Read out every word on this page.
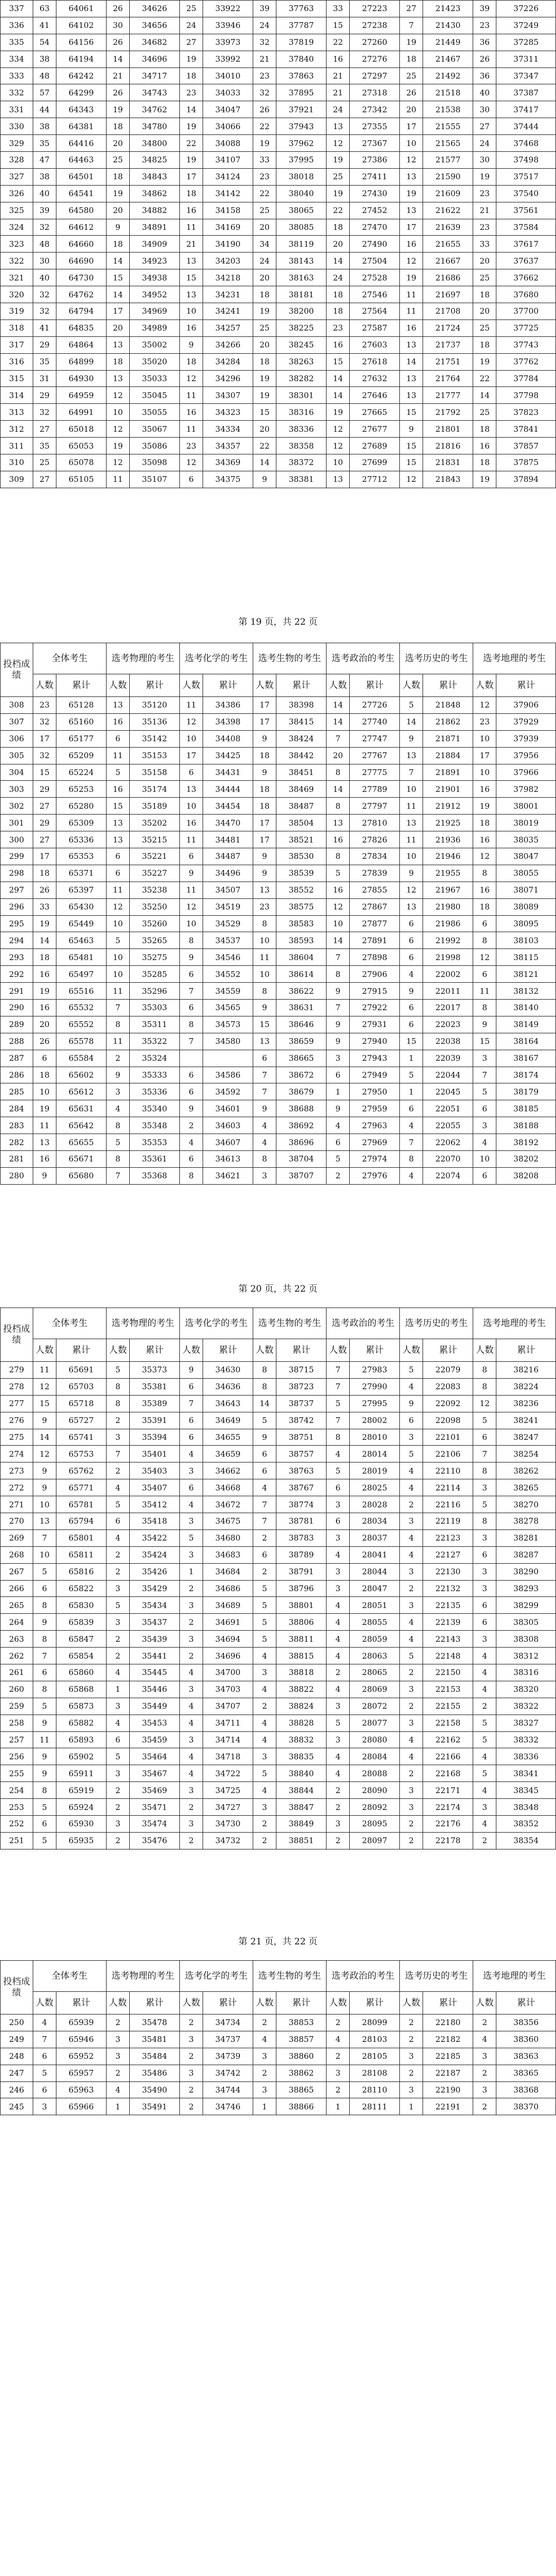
337	63	64061	26	34626	25	33922	39	37763	33	27223	27	21423	39	37226
336	41	64102	30	34656	24	33946	24	37787	15	27238	7	21430	23	37249
335	54	64156	26	34682	27	33973	32	37819	22	27260	19	21449	36	37285
334	38	64194	14	34696	19	33992	21	37840	16	27276	18	21467	26	37311
333	48	64242	21	34717	18	34010	23	37863	21	27297	25	21492	36	37347
332	57	64299	26	34743	23	34033	32	37895	21	27318	26	21518	40	37387
331	44	64343	19	34762	14	34047	26	37921	24	27342	20	21538	30	37417
330	38	64381	18	34780	19	34066	22	37943	13	27355	17	21555	27	37444
329	35	64416	20	34800	22	34088	19	37962	12	27367	10	21565	24	37468
328	47	64463	25	34825	19	34107	33	37995	19	27386	12	21577	30	37498
327	38	64501	18	34843	17	34124	23	38018	25	27411	13	21590	19	37517
326	40	64541	19	34862	18	34142	22	38040	19	27430	19	21609	23	37540
325	39	64580	20	34882	16	34158	25	38065	22	27452	13	21622	21	37561
324	32	64612	9	34891	11	34169	20	38085	18	27470	17	21639	23	37584
323	48	64660	18	34909	21	34190	34	38119	20	27490	16	21655	33	37617
322	30	64690	14	34923	13	34203	24	38143	14	27504	12	21667	20	37637
321	40	64730	15	34938	15	34218	20	38163	24	27528	19	21686	25	37662
320	32	64762	14	34952	13	34231	18	38181	18	27546	11	21697	18	37680
319	32	64794	17	34969	10	34241	19	38200	18	27564	11	21708	20	37700
318	41	64835	20	34989	16	34257	25	38225	23	27587	16	21724	25	37725
317	29	64864	13	35002	9	34266	20	38245	16	27603	13	21737	18	37743
316	35	64899	18	35020	18	34284	18	38263	15	27618	14	21751	19	37762
315	31	64930	13	35033	12	34296	19	38282	14	27632	13	21764	22	37784
314	29	64959	12	35045	11	34307	19	38301	14	27646	13	21777	14	37798
313	32	64991	10	35055	16	34323	15	38316	19	27665	15	21792	25	37823
312	27	65018	12	35067	11	34334	20	38336	12	27677	9	21801	18	37841
311	35	65053	19	35086	23	34357	22	38358	12	27689	15	21816	16	37857
310	25	65078	12	35098	12	34369	14	38372	10	27699	15	21831	18	37875
309	27	65105	11	35107	6	34375	9	38381	13	27712	12	21843	19	37894
第 19 页，共 22 页
投档成绩	全体考生		选考物理的考生		选考化学的考生		选考生物的考生		选考政治的考生		选考历史的考生		选考地理的考生	
	人数	累计	人数	累计	人数	累计	人数	累计	人数	累计	人数	累计	人数	累计
308	23	65128	13	35120	11	34386	17	38398	14	27726	5	21848	12	37906
307	32	65160	16	35136	12	34398	17	38415	14	27740	14	21862	23	37929
306	17	65177	6	35142	10	34408	9	38424	7	27747	9	21871	10	37939
305	32	65209	11	35153	17	34425	18	38442	20	27767	13	21884	17	37956
304	15	65224	5	35158	6	34431	9	38451	8	27775	7	21891	10	37966
303	29	65253	16	35174	13	34444	18	38469	14	27789	10	21901	16	37982
302	27	65280	15	35189	10	34454	18	38487	8	27797	11	21912	19	38001
301	29	65309	13	35202	16	34470	17	38504	13	27810	13	21925	18	38019
300	27	65336	13	35215	11	34481	17	38521	16	27826	11	21936	16	38035
299	17	65353	6	35221	6	34487	9	38530	8	27834	10	21946	12	38047
298	18	65371	6	35227	9	34496	9	38539	5	27839	9	21955	8	38055
297	26	65397	11	35238	11	34507	13	38552	16	27855	12	21967	16	38071
296	33	65430	12	35250	12	34519	23	38575	12	27867	13	21980	18	38089
295	19	65449	10	35260	10	34529	8	38583	10	27877	6	21986	6	38095
294	14	65463	5	35265	8	34537	10	38593	14	27891	6	21992	8	38103
293	18	65481	10	35275	9	34546	11	38604	7	27898	6	21998	12	38115
292	16	65497	10	35285	6	34552	10	38614	8	27906	4	22002	6	38121
291	19	65516	11	35296	7	34559	8	38622	9	27915	9	22011	11	38132
290	16	65532	7	35303	6	34565	9	38631	7	27922	6	22017	8	38140
289	20	65552	8	35311	8	34573	15	38646	9	27931	6	22023	9	38149
288	26	65578	11	35322	7	34580	13	38659	9	27940	15	22038	15	38164
287	6	65584	2	35324			6	38665	3	27943	1	22039	3	38167
286	18	65602	9	35333	6	34586	7	38672	6	27949	5	22044	7	38174
285	10	65612	3	35336	6	34592	7	38679	1	27950	1	22045	5	38179
284	19	65631	4	35340	9	34601	9	38688	9	27959	6	22051	6	38185
283	11	65642	8	35348	2	34603	4	38692	4	27963	4	22055	3	38188
282	13	65655	5	35353	4	34607	4	38696	6	27969	7	22062	4	38192
281	16	65671	8	35361	6	34613	8	38704	5	27974	8	22070	10	38202
280	9	65680	7	35368	8	34621	3	38707	2	27976	4	22074	6	38208
第 20 页，共 22 页
投档成绩	全体考生		选考物理的考生		选考化学的考生		选考生物的考生		选考政治的考生		选考历史的考生		选考地理的考生	
	人数	累计	人数	累计	人数	累计	人数	累计	人数	累计	人数	累计	人数	累计
279	11	65691	5	35373	9	34630	8	38715	7	27983	5	22079	8	38216
278	12	65703	8	35381	6	34636	8	38723	7	27990	4	22083	8	38224
277	15	65718	8	35389	7	34643	14	38737	5	27995	9	22092	12	38236
276	9	65727	2	35391	6	34649	5	38742	7	28002	6	22098	5	38241
275	14	65741	3	35394	6	34655	9	38751	8	28010	3	22101	6	38247
274	12	65753	7	35401	4	34659	6	38757	4	28014	5	22106	7	38254
273	9	65762	2	35403	3	34662	6	38763	5	28019	4	22110	8	38262
272	9	65771	4	35407	6	34668	4	38767	6	28025	4	22114	3	38265
271	10	65781	5	35412	4	34672	7	38774	3	28028	2	22116	5	38270
270	13	65794	6	35418	3	34675	7	38781	6	28034	3	22119	8	38278
269	7	65801	4	35422	5	34680	2	38783	3	28037	4	22123	3	38281
268	10	65811	2	35424	3	34683	6	38789	4	28041	4	22127	6	38287
267	5	65816	2	35426	1	34684	2	38791	3	28044	3	22130	3	38290
266	6	65822	3	35429	2	34686	5	38796	3	28047	2	22132	3	38293
265	8	65830	5	35434	3	34689	5	38801	4	28051	3	22135	6	38299
264	9	65839	3	35437	2	34691	5	38806	4	28055	4	22139	6	38305
263	8	65847	2	35439	3	34694	5	38811	4	28059	4	22143	3	38308
262	7	65854	2	35441	2	34696	4	38815	4	28063	5	22148	4	38312
261	6	65860	4	35445	4	34700	3	38818	2	28065	2	22150	4	38316
260	8	65868	1	35446	3	34703	4	38822	4	28069	3	22153	4	38320
259	5	65873	3	35449	4	34707	2	38824	3	28072	2	22155	2	38322
258	9	65882	4	35453	4	34711	4	38828	5	28077	3	22158	5	38327
257	11	65893	6	35459	3	34714	4	38832	3	28080	4	22162	5	38332
256	9	65902	5	35464	4	34718	3	38835	4	28084	4	22166	4	38336
255	9	65911	3	35467	4	34722	5	38840	4	28088	2	22168	5	38341
254	8	65919	2	35469	3	34725	4	38844	2	28090	3	22171	4	38345
253	5	65924	2	35471	2	34727	3	38847	2	28092	3	22174	3	38348
252	6	65930	3	35474	3	34730	2	38849	3	28095	2	22176	4	38352
251	5	65935	2	35476	2	34732	2	38851	2	28097	2	22178	2	38354
第 21 页，共 22 页
投档成绩	全体考生		选考物理的考生		选考化学的考生		选考生物的考生		选考政治的考生		选考历史的考生		选考地理的考生	
	人数	累计	人数	累计	人数	累计	人数	累计	人数	累计	人数	累计	人数	累计
250	4	65939	2	35478	2	34734	2	38853	2	28099	2	22180	2	38356
249	7	65946	3	35481	3	34737	4	38857	4	28103	2	22182	4	38360
248	6	65952	3	35484	2	34739	3	38860	2	28105	3	22185	3	38363
247	5	65957	2	35486	3	34742	2	38862	3	28108	2	22187	2	38365
246	6	65963	4	35490	2	34744	3	38865	2	28110	3	22190	3	38368
245	3	65966	1	35491	2	34746	1	38866	1	28111	1	22191	2	38370
